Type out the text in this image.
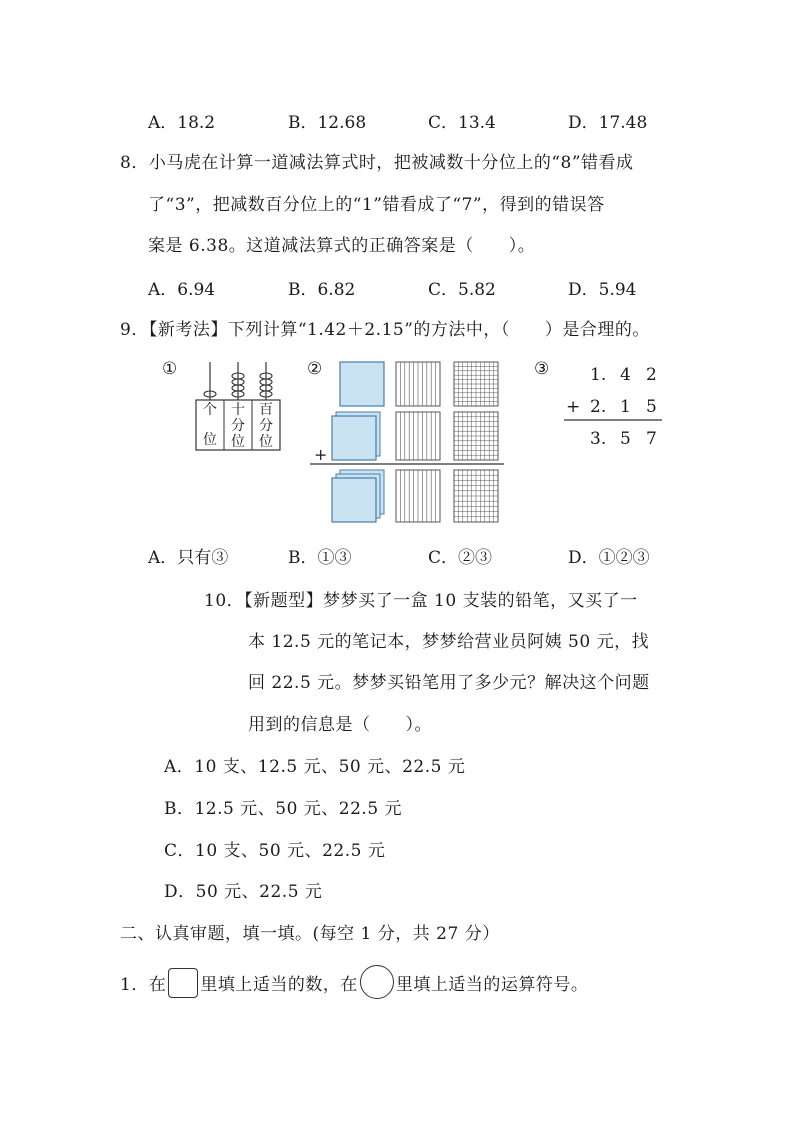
A．18.2	B．12.68	C．13.4	D．17.48
8．小马虎在计算一道减法算式时，把被减数十分位上的“8”错看成
了“3”，把减数百分位上的“1”错看成了“7”，得到的错误答
案是 6.38。这道减法算式的正确答案是（　　）。
A．6.94	B．6.82	C．5.82	D．5.94
9．【新考法】下列计算“1.42＋2.15”的方法中，（　　）是合理的。
①	②	③
个
位
十
分
位
百
分
位
+
1. 4 2
+ 2. 1 5
3. 5 7
A．只有③	B．①③	C．②③	D．①②③
10．【新题型】梦梦买了一盒 10 支装的铅笔，又买了一
本 12.5 元的笔记本，梦梦给营业员阿姨 50 元，找
回 22.5 元。梦梦买铅笔用了多少元？解决这个问题
用到的信息是（　　）。
A．10 支、12.5 元、50 元、22.5 元
B．12.5 元、50 元、22.5 元
C．10 支、50 元、22.5 元
D．50 元、22.5 元
二、认真审题，填一填。(每空 1 分，共 27 分）
1．在 里填上适当的数，在 里填上适当的运算符号。
